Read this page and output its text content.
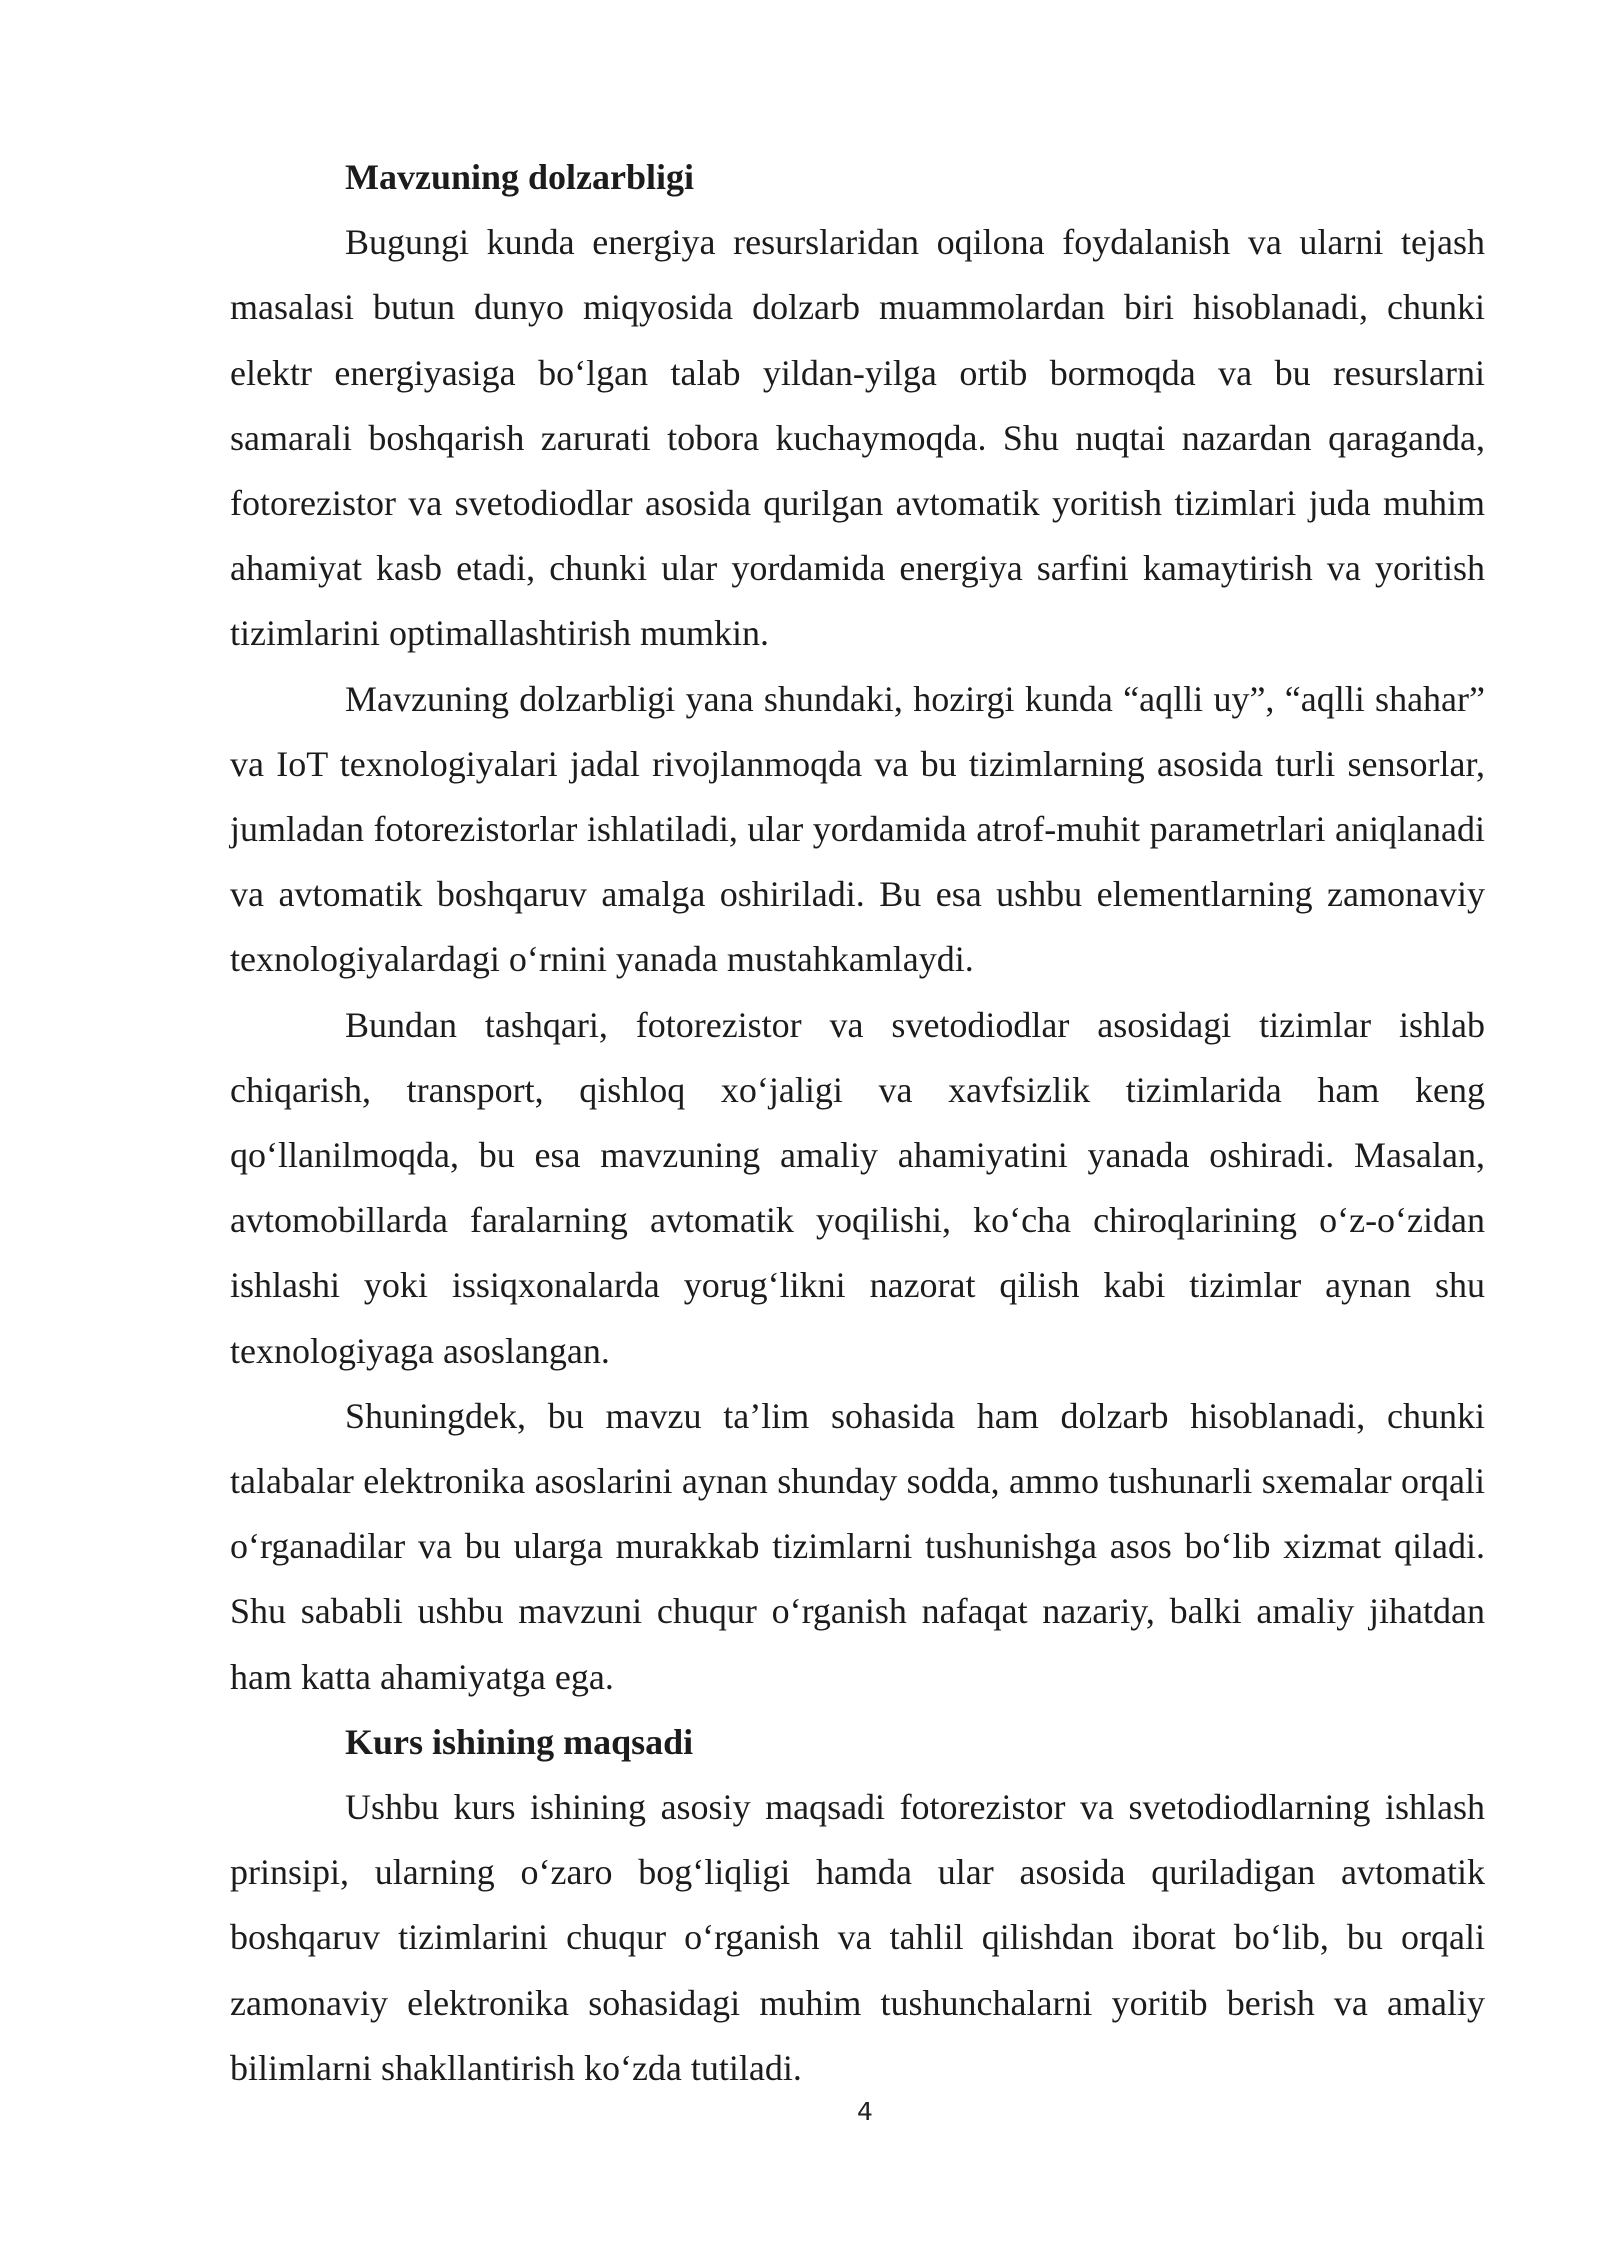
Mavzuning dolzarbligi

Bugungi kunda energiya resurslaridan oqilona foydalanish va ularni tejash masalasi butun dunyo miqyosida dolzarb muammolardan biri hisoblanadi, chunki elektr energiyasiga bo‘lgan talab yildan-yilga ortib bormoqda va bu resurslarni samarali boshqarish zarurati tobora kuchaymoqda. Shu nuqtai nazardan qaraganda, fotorezistor va svetodiodlar asosida qurilgan avtomatik yoritish tizimlari juda muhim ahamiyat kasb etadi, chunki ular yordamida energiya sarfini kamaytirish va yoritish tizimlarini optimallashtirish mumkin.

Mavzuning dolzarbligi yana shundaki, hozirgi kunda “aqlli uy”, “aqlli shahar” va IoT texnologiyalari jadal rivojlanmoqda va bu tizimlarning asosida turli sensorlar, jumladan fotorezistorlar ishlatiladi, ular yordamida atrof-muhit parametrlari aniqlanadi va avtomatik boshqaruv amalga oshiriladi. Bu esa ushbu elementlarning zamonaviy texnologiyalardagi o‘rnini yanada mustahkamlaydi.

Bundan tashqari, fotorezistor va svetodiodlar asosidagi tizimlar ishlab chiqarish, transport, qishloq xo‘jaligi va xavfsizlik tizimlarida ham keng qo‘llanilmoqda, bu esa mavzuning amaliy ahamiyatini yanada oshiradi. Masalan, avtomobillarda faralarning avtomatik yoqilishi, ko‘cha chiroqlarining o‘z-o‘zidan ishlashi yoki issiqxonalarda yorug‘likni nazorat qilish kabi tizimlar aynan shu texnologiyaga asoslangan.

Shuningdek, bu mavzu ta’lim sohasida ham dolzarb hisoblanadi, chunki talabalar elektronika asoslarini aynan shunday sodda, ammo tushunarli sxemalar orqali o‘rganadilar va bu ularga murakkab tizimlarni tushunishga asos bo‘lib xizmat qiladi. Shu sababli ushbu mavzuni chuqur o‘rganish nafaqat nazariy, balki amaliy jihatdan ham katta ahamiyatga ega.

Kurs ishining maqsadi

Ushbu kurs ishining asosiy maqsadi fotorezistor va svetodiodlarning ishlash prinsipi, ularning o‘zaro bog‘liqligi hamda ular asosida quriladigan avtomatik boshqaruv tizimlarini chuqur o‘rganish va tahlil qilishdan iborat bo‘lib, bu orqali zamonaviy elektronika sohasidagi muhim tushunchalarni yoritib berish va amaliy bilimlarni shakllantirish ko‘zda tutiladi.

4
